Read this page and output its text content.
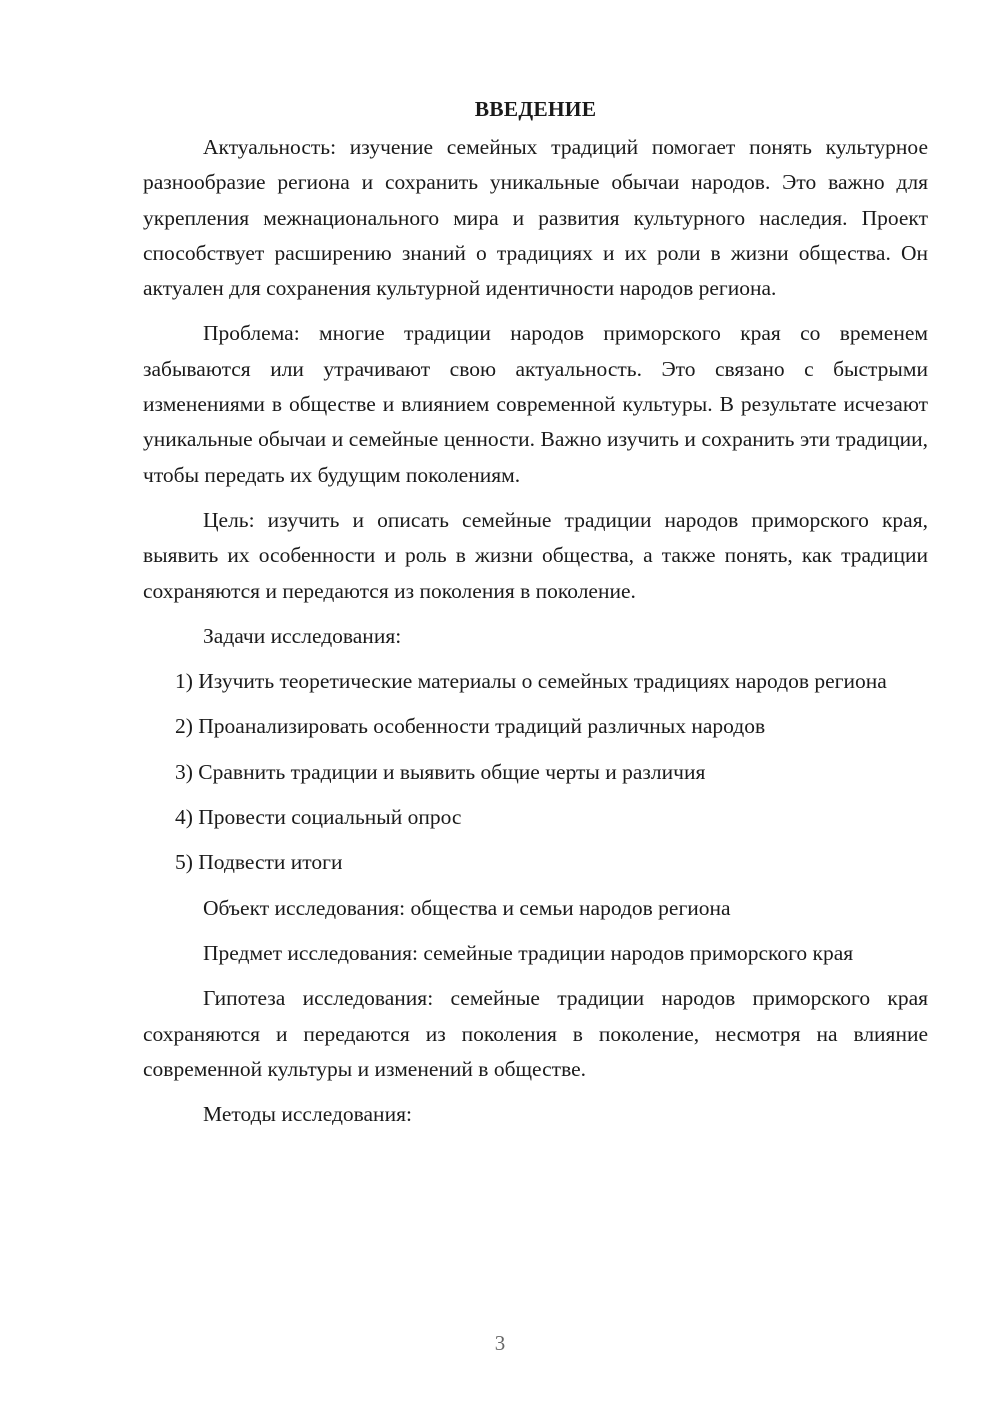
ВВЕДЕНИЕ

Актуальность: изучение семейных традиций помогает понять культурное разнообразие региона и сохранить уникальные обычаи народов. Это важно для укрепления межнационального мира и развития культурного наследия. Проект способствует расширению знаний о традициях и их роли в жизни общества. Он актуален для сохранения культурной идентичности народов региона.

Проблема: многие традиции народов приморского края со временем забываются или утрачивают свою актуальность. Это связано с быстрыми изменениями в обществе и влиянием современной культуры. В результате исчезают уникальные обычаи и семейные ценности. Важно изучить и сохранить эти традиции, чтобы передать их будущим поколениям.

Цель: изучить и описать семейные традиции народов приморского края, выявить их особенности и роль в жизни общества, а также понять, как традиции сохраняются и передаются из поколения в поколение.

Задачи исследования:

1) Изучить теоретические материалы о семейных традициях народов региона

2) Проанализировать особенности традиций различных народов

3) Сравнить традиции и выявить общие черты и различия

4) Провести социальный опрос

5) Подвести итоги

Объект исследования: общества и семьи народов региона

Предмет исследования: семейные традиции народов приморского края

Гипотеза исследования: семейные традиции народов приморского края сохраняются и передаются из поколения в поколение, несмотря на влияние современной культуры и изменений в обществе.

Методы исследования:

3
